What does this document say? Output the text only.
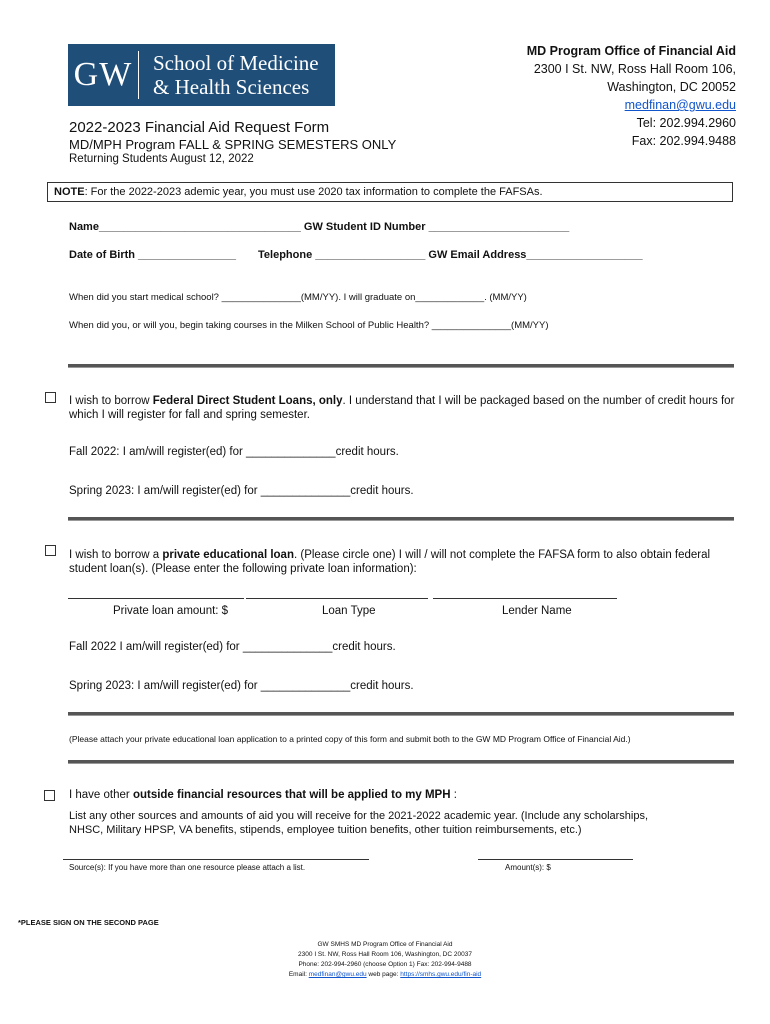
GW School of Medicine
& Health Sciences
MD Program Office of Financial Aid
2300 I St. NW, Ross Hall Room 106,
Washington, DC 20052
medfinan@gwu.edu
Tel: 202.994.2960
Fax: 202.994.9488
2022-2023 Financial Aid Request Form
MD/MPH Program FALL & SPRING SEMESTERS ONLY
Returning Students August 12, 2022
NOTE: For the 2022-2023 ademic year, you must use 2020 tax information to complete the FAFSAs.
Name_________________________________ GW Student ID Number _______________________
Date of Birth ________________ Telephone __________________ GW Email Address___________________
When did you start medical school? _______________(MM/YY). I will graduate on_____________. (MM/YY)
When did you, or will you, begin taking courses in the Milken School of Public Health? _______________(MM/YY)
I wish to borrow Federal Direct Student Loans, only. I understand that I will be packaged based on the number of credit hours for which I will register for fall and spring semester.
Fall 2022: I am/will register(ed) for ______________credit hours.
Spring 2023: I am/will register(ed) for ______________credit hours.
I wish to borrow a private educational loan. (Please circle one) I will / will not complete the FAFSA form to also obtain federal student loan(s). (Please enter the following private loan information):
Private loan amount: $	Loan Type	Lender Name
Fall 2022 I am/will register(ed) for ______________credit hours.
Spring 2023: I am/will register(ed) for ______________credit hours.
(Please attach your private educational loan application to a printed copy of this form and submit both to the GW MD Program Office of Financial Aid.)
I have other outside financial resources that will be applied to my MPH :
List any other sources and amounts of aid you will receive for the 2021-2022 academic year. (Include any scholarships, NHSC, Military HPSP, VA benefits, stipends, employee tuition benefits, other tuition reimbursements, etc.)
Source(s): If you have more than one resource please attach a list.	Amount(s): $
*PLEASE SIGN ON THE SECOND PAGE
GW SMHS MD Program Office of Financial Aid
2300 I St. NW, Ross Hall Room 106, Washington, DC 20037
Phone: 202-994-2960 (choose Option 1) Fax: 202-994-9488
Email: medfinan@gwu.edu web page: https://smhs.gwu.edu/fin-aid
